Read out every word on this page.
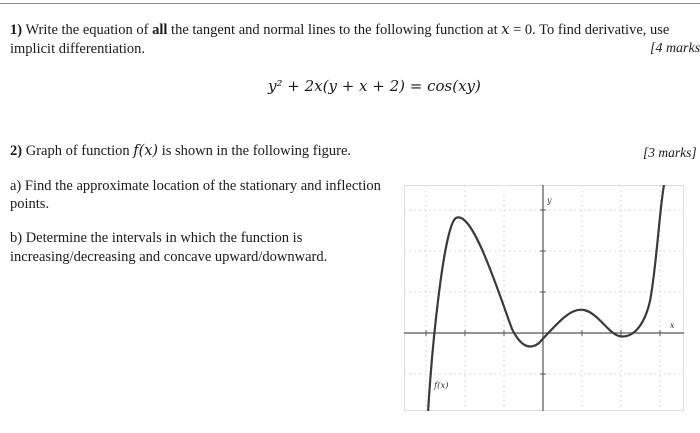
1) Write the equation of all the tangent and normal lines to the following function at x = 0. To find derivative, use
implicit differentiation.	[4 marks
y² + 2x(y + x + 2) = cos(xy)
2) Graph of function f(x) is shown in the following figure.	[3 marks]
a) Find the approximate location of the stationary and inflection
points.
b) Determine the intervals in which the function is
increasing/decreasing and concave upward/downward.
y
x
f(x)
